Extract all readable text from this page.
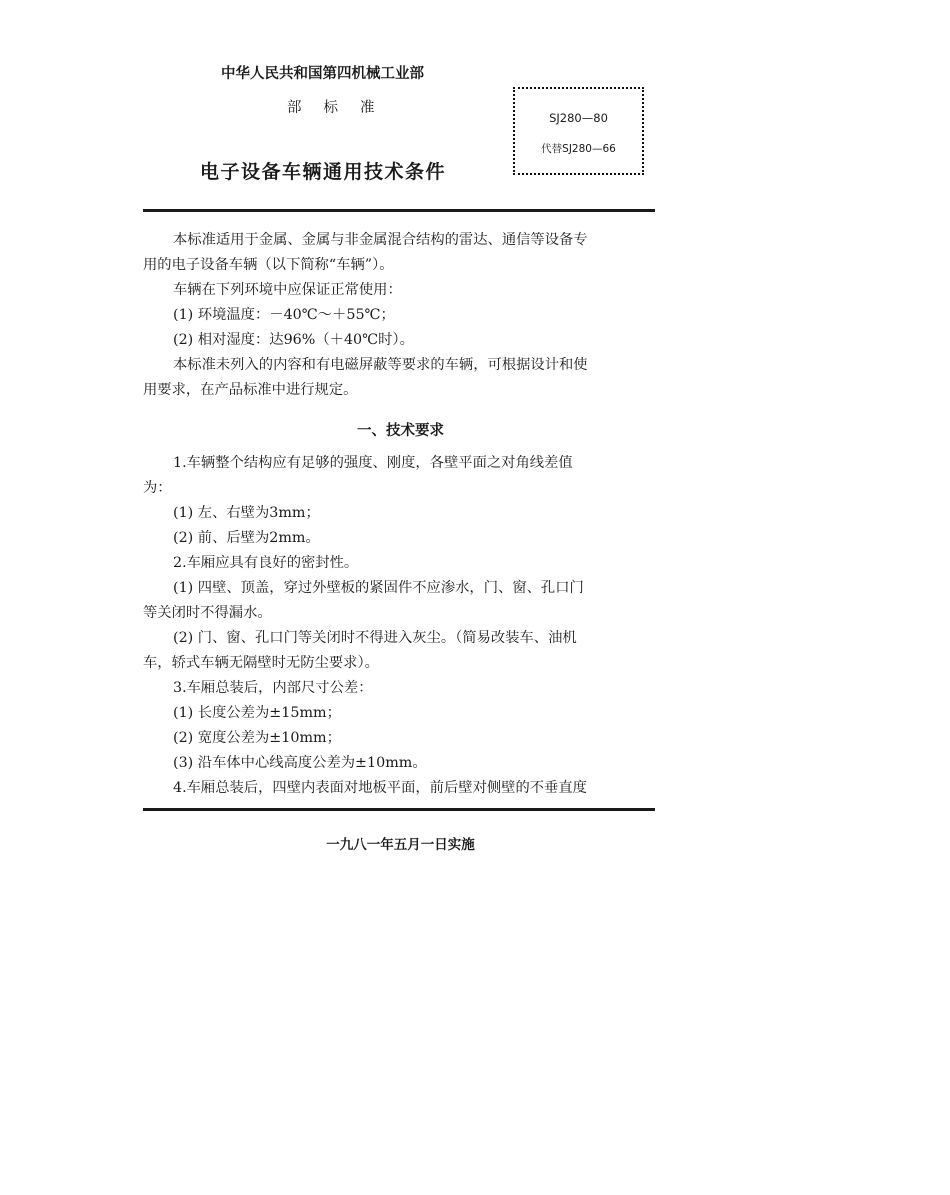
中华人民共和国第四机械工业部
部标准
电子设备车辆通用技术条件
SJ280—80
代替SJ280—66
本标准适用于金属、金属与非金属混合结构的雷达、通信等设备专
用的电子设备车辆（以下简称“车辆”）。
车辆在下列环境中应保证正常使用：
(1) 环境温度：－40℃～＋55℃；
(2) 相对湿度：达96%（＋40℃时）。
本标准未列入的内容和有电磁屏蔽等要求的车辆，可根据设计和使
用要求，在产品标准中进行规定。
一、技术要求
1.车辆整个结构应有足够的强度、刚度，各壁平面之对角线差值
为：
(1) 左、右壁为3mm；
(2) 前、后壁为2mm。
2.车厢应具有良好的密封性。
(1) 四壁、顶盖，穿过外壁板的紧固件不应渗水，门、窗、孔口门
等关闭时不得漏水。
(2) 门、窗、孔口门等关闭时不得进入灰尘。（简易改装车、油机
车，轿式车辆无隔壁时无防尘要求）。
3.车厢总装后，内部尺寸公差：
(1) 长度公差为±15mm；
(2) 宽度公差为±10mm；
(3) 沿车体中心线高度公差为±10mm。
4.车厢总装后，四壁内表面对地板平面，前后壁对侧壁的不垂直度
一九八一年五月一日实施
